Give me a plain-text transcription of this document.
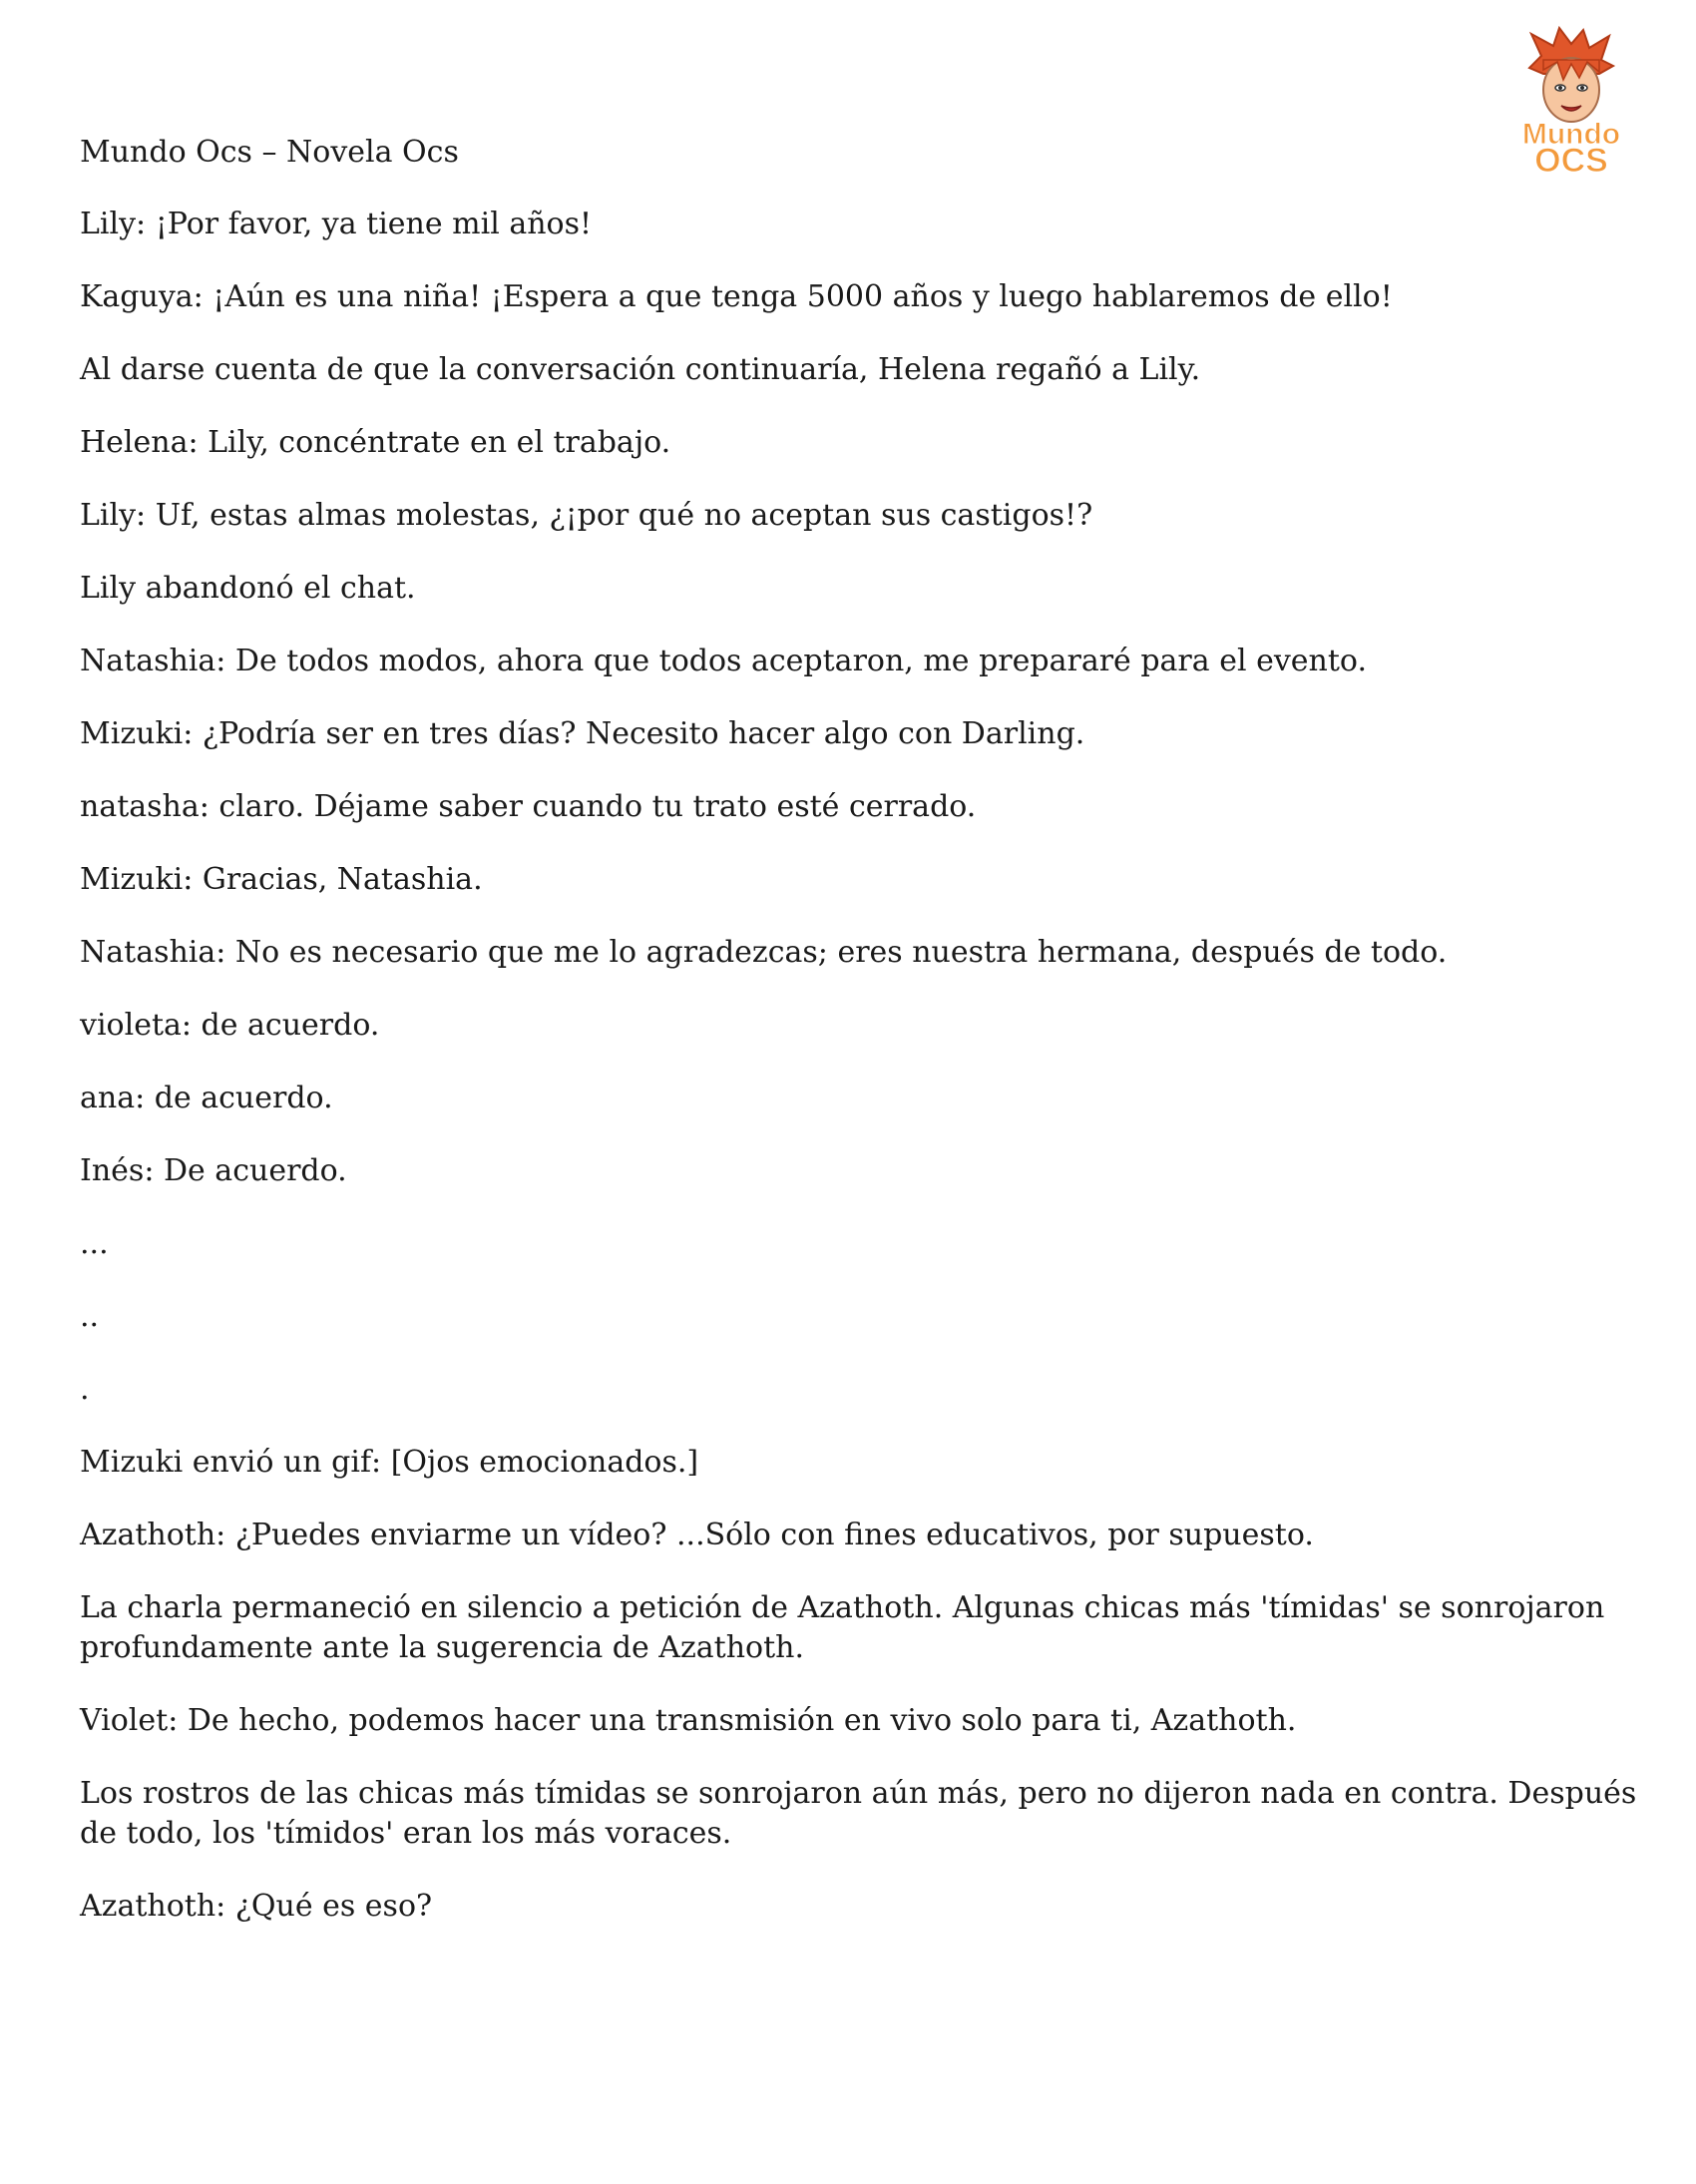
Mundo
OCS

Mundo Ocs – Novela Ocs

Lily: ¡Por favor, ya tiene mil años!

Kaguya: ¡Aún es una niña! ¡Espera a que tenga 5000 años y luego hablaremos de ello!

Al darse cuenta de que la conversación continuaría, Helena regañó a Lily.

Helena: Lily, concéntrate en el trabajo.

Lily: Uf, estas almas molestas, ¿¡por qué no aceptan sus castigos!?

Lily abandonó el chat.

Natashia: De todos modos, ahora que todos aceptaron, me prepararé para el evento.

Mizuki: ¿Podría ser en tres días? Necesito hacer algo con Darling.

natasha: claro. Déjame saber cuando tu trato esté cerrado.

Mizuki: Gracias, Natashia.

Natashia: No es necesario que me lo agradezcas; eres nuestra hermana, después de todo.

violeta: de acuerdo.

ana: de acuerdo.

Inés: De acuerdo.

...

..

.

Mizuki envió un gif: [Ojos emocionados.]

Azathoth: ¿Puedes enviarme un vídeo? ...Sólo con fines educativos, por supuesto.

La charla permaneció en silencio a petición de Azathoth. Algunas chicas más 'tímidas' se sonrojaron profundamente ante la sugerencia de Azathoth.

Violet: De hecho, podemos hacer una transmisión en vivo solo para ti, Azathoth.

Los rostros de las chicas más tímidas se sonrojaron aún más, pero no dijeron nada en contra. Después de todo, los 'tímidos' eran los más voraces.

Azathoth: ¿Qué es eso?
